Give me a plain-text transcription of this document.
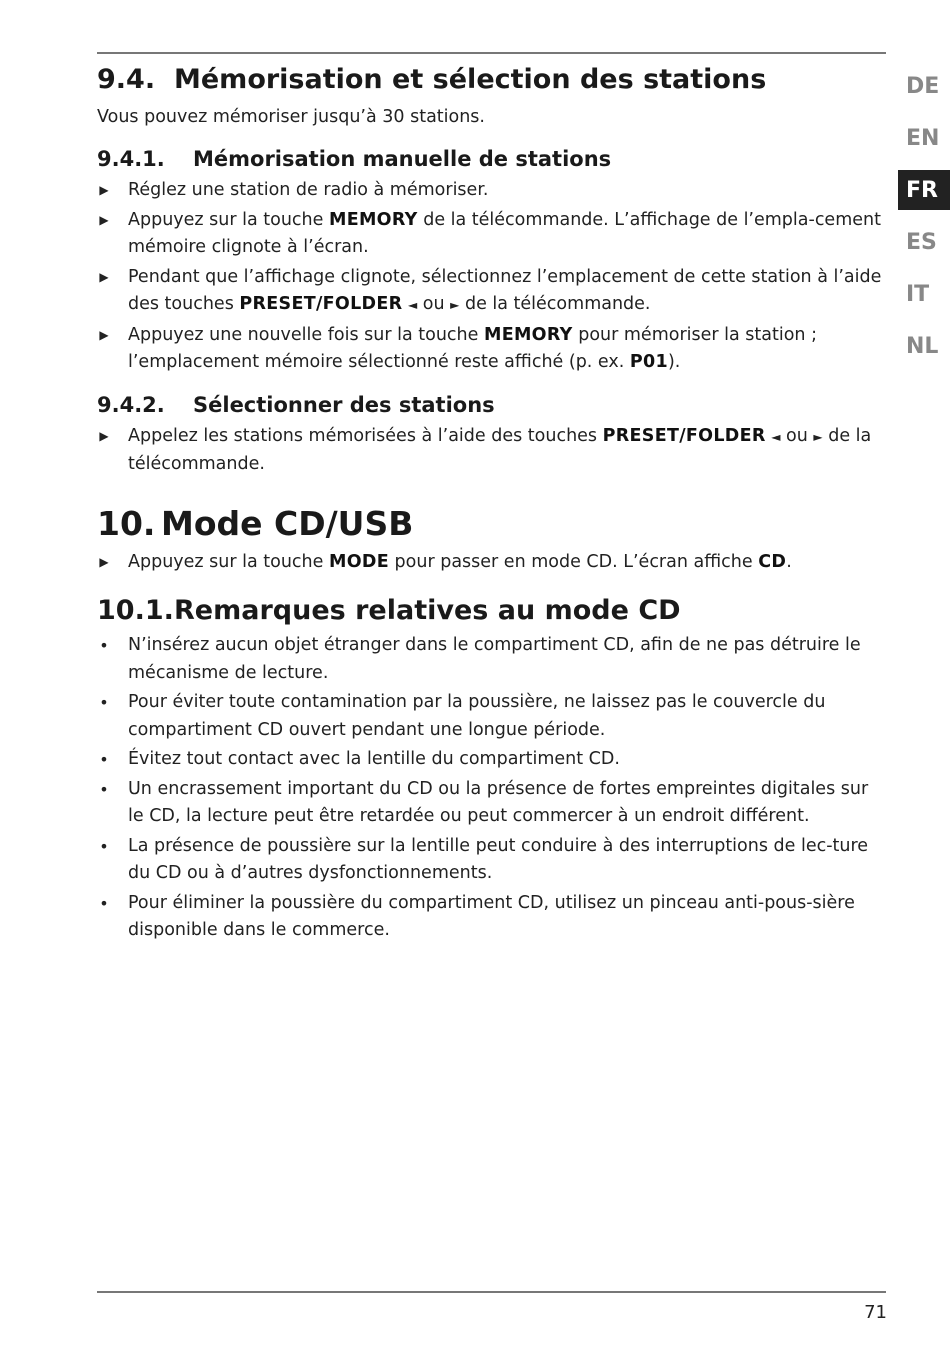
9.4. Mémorisation et sélection des stations

Vous pouvez mémoriser jusqu’à 30 stations.

9.4.1.	Mémorisation manuelle de stations
▶ Réglez une station de radio à mémoriser.
▶ Appuyez sur la touche MEMORY de la télécommande. L’affichage de l’empla-cement mémoire clignote à l’écran.
▶ Pendant que l’affichage clignote, sélectionnez l’emplacement de cette station à l’aide des touches PRESET/FOLDER ◄ ou ► de la télécommande.
▶ Appuyez une nouvelle fois sur la touche MEMORY pour mémoriser la station ; l’emplacement mémoire sélectionné reste affiché (p. ex. P01).
9.4.2.	Sélectionner des stations
▶ Appelez les stations mémorisées à l’aide des touches PRESET/FOLDER ◄ ou ► de la télécommande.
10. Mode CD/USB
▶ Appuyez sur la touche MODE pour passer en mode CD. L’écran affiche CD.
10.1. Remarques relatives au mode CD
• N’insérez aucun objet étranger dans le compartiment CD, afin de ne pas détruire le mécanisme de lecture.
• Pour éviter toute contamination par la poussière, ne laissez pas le couvercle du compartiment CD ouvert pendant une longue période.
• Évitez tout contact avec la lentille du compartiment CD.
• Un encrassement important du CD ou la présence de fortes empreintes digitales sur le CD, la lecture peut être retardée ou peut commercer à un endroit différent.
• La présence de poussière sur la lentille peut conduire à des interruptions de lec-ture du CD ou à d’autres dysfonctionnements.
• Pour éliminer la poussière du compartiment CD, utilisez un pinceau anti-pous-sière disponible dans le commerce.
DE
EN
FR
ES
IT
NL
71
